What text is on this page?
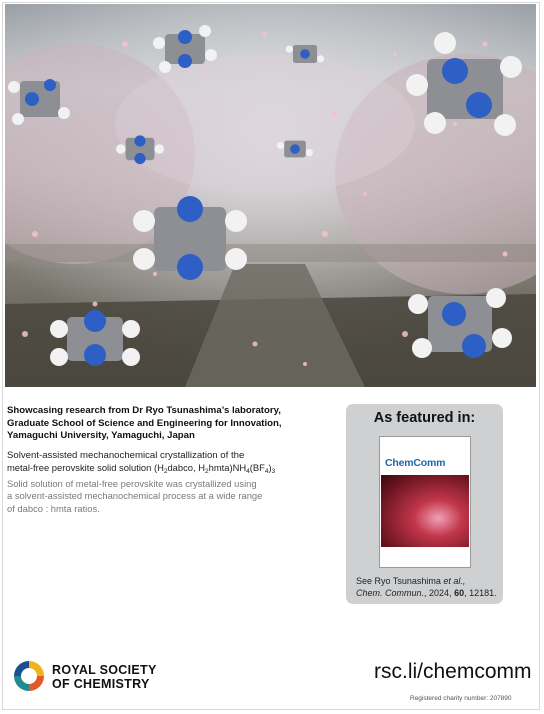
Showcasing research from Dr Ryo Tsunashima’s laboratory,
Graduate School of Science and Engineering for Innovation,
Yamaguchi University, Yamaguchi, Japan
Solvent-assisted mechanochemical crystallization of the
metal-free perovskite solid solution ($H_2dabco$, $H_2hmta)NH_4(BF_4)_3$
Solid solution of metal-free perovskite was crystallized using
a solvent-assisted mechanochemical process at a wide range
of dabco : hmta ratios.
As featured in:
ChemComm
See Ryo Tsunashima et al.,
Chem. Commun., 2024, 60, 12181.
ROYAL SOCIETY
OF CHEMISTRY
rsc.li/chemcomm
Registered charity number: 207890
